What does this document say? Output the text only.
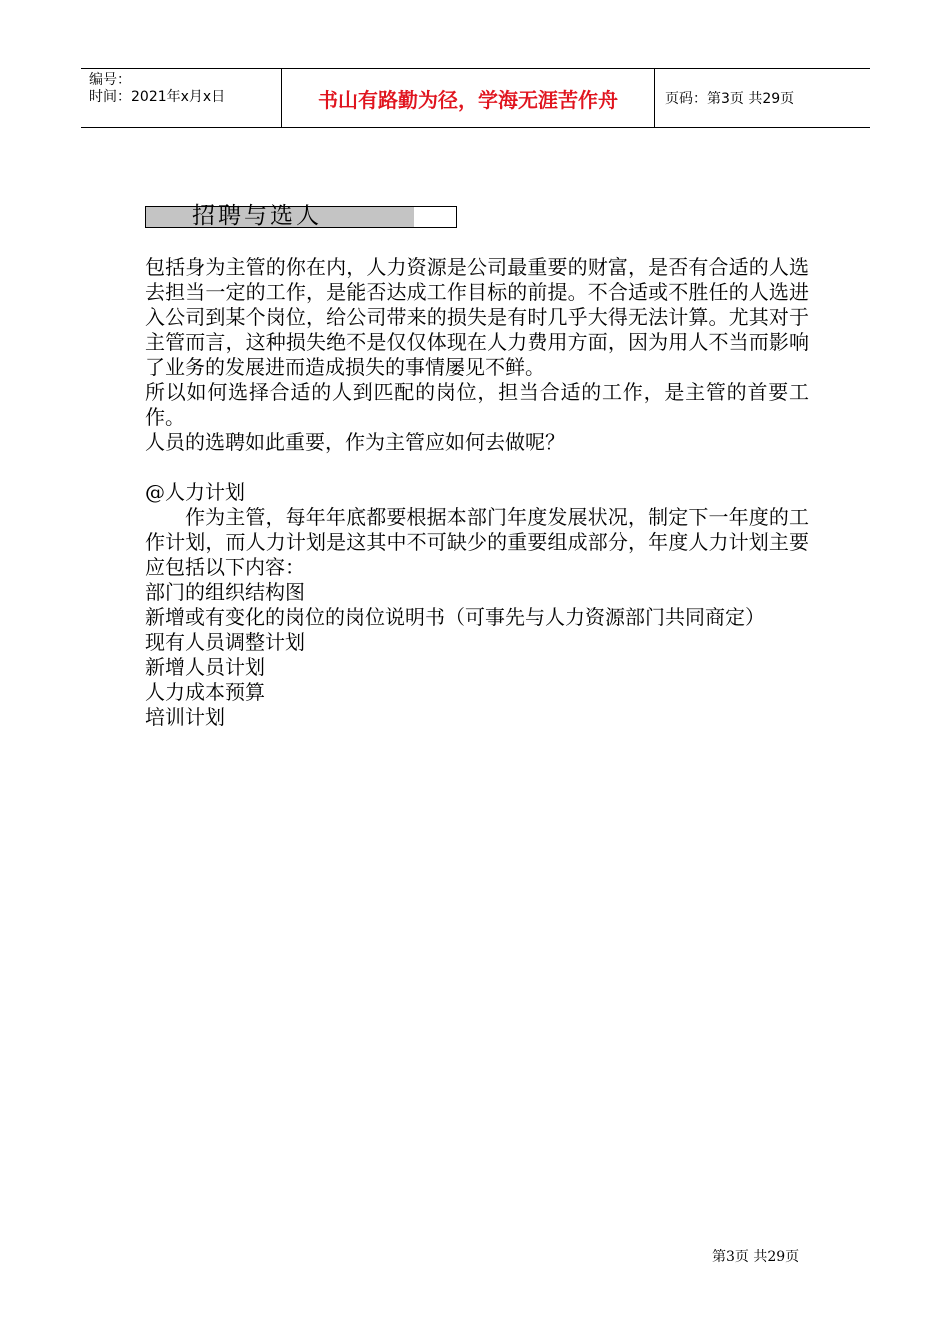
编号：
时间：2021年x月x日	书山有路勤为径，学海无涯苦作舟	页码：第3页 共29页
招聘与选人

包括身为主管的你在内，人力资源是公司最重要的财富，是否有合适的人选去担当一定的工作，是能否达成工作目标的前提。不合适或不胜任的人选进入公司到某个岗位，给公司带来的损失是有时几乎大得无法计算。尤其对于主管而言，这种损失绝不是仅仅体现在人力费用方面，因为用人不当而影响了业务的发展进而造成损失的事情屡见不鲜。

所以如何选择合适的人到匹配的岗位，担当合适的工作，是主管的首要工作。

人员的选聘如此重要，作为主管应如何去做呢？

@人力计划

作为主管，每年年底都要根据本部门年度发展状况，制定下一年度的工作计划，而人力计划是这其中不可缺少的重要组成部分，年度人力计划主要应包括以下内容：

部门的组织结构图

新增或有变化的岗位的岗位说明书（可事先与人力资源部门共同商定）

现有人员调整计划

新增人员计划

人力成本预算

培训计划

第3页 共29页
